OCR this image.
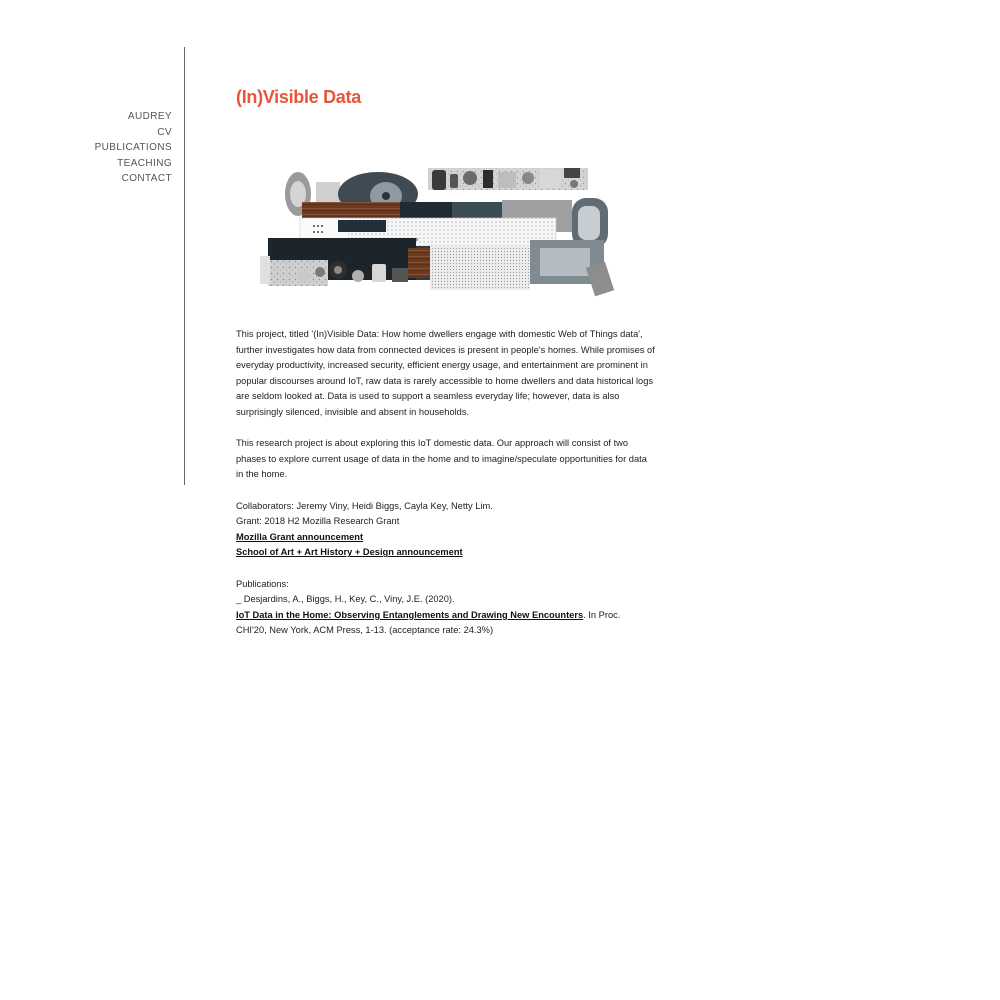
AUDREY
CV
PUBLICATIONS
TEACHING
CONTACT
(In)Visible Data

This project, titled '(In)Visible Data: How home dwellers engage with domestic Web of Things data', further investigates how data from connected devices is present in people's homes. While promises of everyday productivity, increased security, efficient energy usage, and entertainment are prominent in popular discourses around IoT, raw data is rarely accessible to home dwellers and data historical logs are seldom looked at. Data is used to support a seamless everyday life; however, data is also surprisingly silenced, invisible and absent in households.

This research project is about exploring this IoT domestic data. Our approach will consist of two phases to explore current usage of data in the home and to imagine/speculate opportunities for data in the home.

Collaborators: Jeremy Viny, Heidi Biggs, Cayla Key, Netty Lim.
Grant: 2018 H2 Mozilla Research Grant
Mozilla Grant announcement
School of Art + Art History + Design announcement

Publications:
_ Desjardins, A., Biggs, H., Key, C., Viny, J.E. (2020).
IoT Data in the Home: Observing Entanglements and Drawing New Encounters. In Proc.
CHI'20, New York, ACM Press, 1-13. (acceptance rate: 24.3%)
